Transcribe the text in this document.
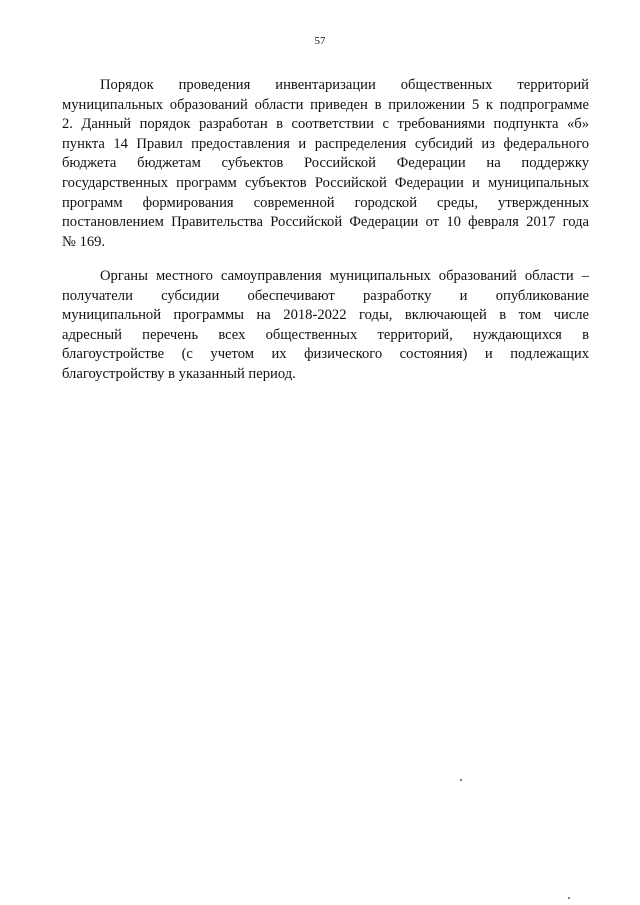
57
Порядок проведения инвентаризации общественных территорий
муниципальных образований области приведен в приложении 5 к подпрограмме
2. Данный порядок разработан в соответствии с требованиями подпункта «б»
пункта 14 Правил предоставления и распределения субсидий из федерального
бюджета бюджетам субъектов Российской Федерации на поддержку
государственных программ субъектов Российской Федерации и муниципальных
программ формирования современной городской среды, утвержденных
постановлением Правительства Российской Федерации от 10 февраля 2017 года
№ 169.
Органы местного самоуправления муниципальных образований области –
получатели субсидии обеспечивают разработку и опубликование
муниципальной программы на 2018-2022 годы, включающей в том числе
адресный перечень всех общественных территорий, нуждающихся в
благоустройстве (с учетом их физического состояния) и подлежащих
благоустройству в указанный период.
